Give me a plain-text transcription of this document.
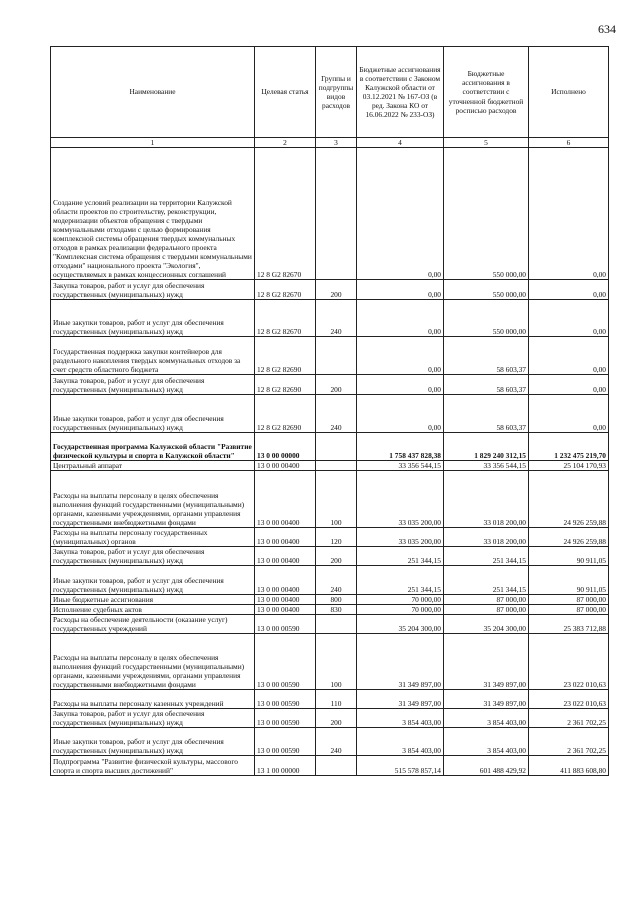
634
Наименование	Целевая статья	Группы и подгруппы видов расходов	Бюджетные ассигнования в соответствии с Законом Калужской области от 03.12.2021 № 167-ОЗ (в ред. Закона КО от 16.06.2022 № 233-ОЗ)	Бюджетные ассигнования в соответствии с уточненной бюджетной росписью расходов	Исполнено
1	2	3	4	5	6
Создание условий реализации на территории Калужской области проектов по строительству, реконструкции, модернизации объектов обращения с твердыми коммунальными отходами с целью формирования комплексной системы обращения твердых коммунальных отходов в рамках реализации федерального проекта "Комплексная система обращения с твердыми коммунальными отходами" национального проекта "Экология", осуществляемых в рамках концессионных соглашений	12 8 G2 82670		0,00	550 000,00	0,00
Закупка товаров, работ и услуг для обеспечения государственных (муниципальных) нужд	12 8 G2 82670	200	0,00	550 000,00	0,00
Иные закупки товаров, работ и услуг для обеспечения государственных (муниципальных) нужд	12 8 G2 82670	240	0,00	550 000,00	0,00
Государственная поддержка закупки контейнеров для раздельного накопления твердых коммунальных отходов за счет средств областного бюджета	12 8 G2 82690		0,00	58 603,37	0,00
Закупка товаров, работ и услуг для обеспечения государственных (муниципальных) нужд	12 8 G2 82690	200	0,00	58 603,37	0,00
Иные закупки товаров, работ и услуг для обеспечения государственных (муниципальных) нужд	12 8 G2 82690	240	0,00	58 603,37	0,00
Государственная программа Калужской области "Развитие физической культуры и спорта в Калужской области"	13 0 00 00000		1 758 437 828,38	1 829 240 312,15	1 232 475 219,70
Центральный аппарат	13 0 00 00400		33 356 544,15	33 356 544,15	25 104 170,93
Расходы на выплаты персоналу в целях обеспечения выполнения функций государственными (муниципальными) органами, казенными учреждениями, органами управления государственными внебюджетными фондами	13 0 00 00400	100	33 035 200,00	33 018 200,00	24 926 259,88
Расходы на выплаты персоналу государственных (муниципальных) органов	13 0 00 00400	120	33 035 200,00	33 018 200,00	24 926 259,88
Закупка товаров, работ и услуг для обеспечения государственных (муниципальных) нужд	13 0 00 00400	200	251 344,15	251 344,15	90 911,05
Иные закупки товаров, работ и услуг для обеспечения государственных (муниципальных) нужд	13 0 00 00400	240	251 344,15	251 344,15	90 911,05
Иные бюджетные ассигнования	13 0 00 00400	800	70 000,00	87 000,00	87 000,00
Исполнение судебных актов	13 0 00 00400	830	70 000,00	87 000,00	87 000,00
Расходы на обеспечение деятельности (оказание услуг) государственных учреждений	13 0 00 00590		35 204 300,00	35 204 300,00	25 383 712,88
Расходы на выплаты персоналу в целях обеспечения выполнения функций государственными (муниципальными) органами, казенными учреждениями, органами управления государственными внебюджетными фондами	13 0 00 00590	100	31 349 897,00	31 349 897,00	23 022 010,63
Расходы на выплаты персоналу казенных учреждений	13 0 00 00590	110	31 349 897,00	31 349 897,00	23 022 010,63
Закупка товаров, работ и услуг для обеспечения государственных (муниципальных) нужд	13 0 00 00590	200	3 854 403,00	3 854 403,00	2 361 702,25
Иные закупки товаров, работ и услуг для обеспечения государственных (муниципальных) нужд	13 0 00 00590	240	3 854 403,00	3 854 403,00	2 361 702,25
Подпрограмма "Развитие физической культуры, массового спорта и спорта высших достижений"	13 1 00 00000		515 578 857,14	601 488 429,92	411 883 608,80
